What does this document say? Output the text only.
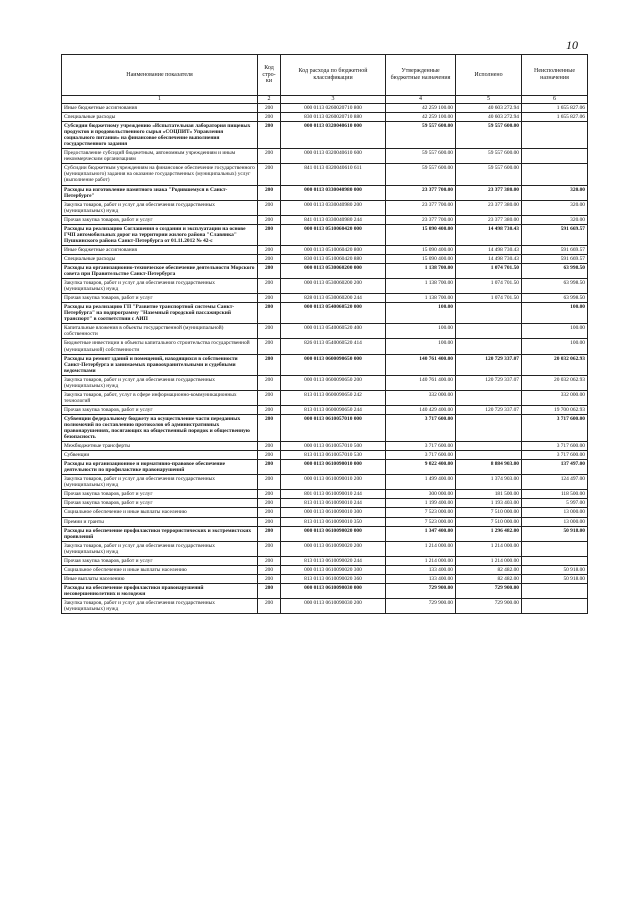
10
Наименование показателя	Код стро-ки	Код расхода по бюджетной классификации	Утвержденные бюджетные назначения	Исполнено	Неисполненные назначения
1	2	3	4	5	6
Иные бюджетные ассигнования	200	000 0113 0260020710 800	42 259 100.00	40 603 272.94	1 655 827.06
Специальные расходы	200	830 0113 0260020710 880	42 259 100.00	40 603 272.94	1 655 827.06
Субсидии бюджетному учреждению «Испытательная лаборатория пищевых продуктов и продовольственного сырья «СОЦПИТ» Управления социального питания» на финансовое обеспечение выполнения государственного задания	200	000 0113 0320040610 000	59 557 600.00	59 557 600.00	
Предоставление субсидий бюджетным, автономным учреждениям и иным некоммерческим организациям	200	000 0113 0320040610 600	59 557 600.00	59 557 600.00	
Субсидии бюджетным учреждениям на финансовое обеспечение государственного (муниципального) задания на оказание государственных (муниципальных) услуг (выполнение работ)	200	841 0113 0320040610 611	59 557 600.00	59 557 600.00	
Расходы на изготовление памятного знака "Родившемуся в Санкт-Петербурге"	200	000 0113 0330040980 000	23 377 700.00	23 377 380.00	320.00
Закупка товаров, работ и услуг для обеспечения государственных (муниципальных) нужд	200	000 0113 0330040980 200	23 377 700.00	23 377 380.00	320.00
Прочая закупка товаров, работ и услуг	200	841 0113 0330040980 244	23 377 700.00	23 377 380.00	320.00
Расходы на реализацию Соглашения о создании и эксплуатации на основе ГЧП автомобильных дорог на территории жилого района "Славянка" Пушкинского района Санкт-Петербурга от 01.11.2012 № 42-с	200	000 0113 0510060420 000	15 090 400.00	14 498 730.43	591 669.57
Иные бюджетные ассигнования	200	000 0113 0510060420 800	15 090 400.00	14 498 730.43	591 669.57
Специальные расходы	200	830 0113 0510060420 880	15 090 400.00	14 498 730.43	591 669.57
Расходы на организационно-техническое обеспечение деятельности Морского совета при Правительстве Санкт-Петербурга	200	000 0113 0530060200 000	1 138 700.00	1 074 701.50	63 998.50
Закупка товаров, работ и услуг для обеспечения государственных (муниципальных) нужд	200	000 0113 0530060200 200	1 138 700.00	1 074 701.50	63 998.50
Прочая закупка товаров, работ и услуг	200	828 0113 0530060200 244	1 138 700.00	1 074 701.50	63 998.50
Расходы на реализацию ГП "Развитие транспортной системы Санкт-Петербурга" на подпрограмму "Наземный городской пассажирский транспорт" в соответствии с АИП	200	000 0113 0540060520 000	100.00		100.00
Капитальные вложения в объекты государственной (муниципальной) собственности	200	000 0113 0540060520 400	100.00		100.00
Бюджетные инвестиции в объекты капитального строительства государственной (муниципальной) собственности	200	826 0113 0540060520 414	100.00		100.00
Расходы на ремонт зданий и помещений, находящихся в собственности Санкт-Петербурга и занимаемых правоохранительными и судебными ведомствами	200	000 0113 0600090650 000	140 761 400.00	120 729 337.07	20 032 062.93
Закупка товаров, работ и услуг для обеспечения государственных (муниципальных) нужд	200	000 0113 0600090650 200	140 761 400.00	120 729 337.07	20 032 062.93
Закупка товаров, работ, услуг в сфере информационно-коммуникационных технологий	200	813 0113 0600090650 242	332 000.00		332 000.00
Прочая закупка товаров, работ и услуг	200	813 0113 0600090650 244	140 429 400.00	120 729 337.07	19 700 062.93
Субвенции федеральному бюджету на осуществление части переданных полномочий по составлению протоколов об административных правонарушениях, посягающих на общественный порядок и общественную безопасность	200	000 0113 0610057010 000	3 717 600.00		3 717 600.00
Межбюджетные трансферты	200	000 0113 0610057010 500	3 717 600.00		3 717 600.00
Субвенции	200	813 0113 0610057010 530	3 717 600.00		3 717 600.00
Расходы на организационное и нормативно-правовое обеспечение деятельности по профилактике правонарушений	200	000 0113 0610090010 000	9 022 400.00	8 884 903.00	137 497.00
Закупка товаров, работ и услуг для обеспечения государственных (муниципальных) нужд	200	000 0113 0610090010 200	1 499 400.00	1 374 903.00	124 497.00
Прочая закупка товаров, работ и услуг	200	801 0113 0610090010 244	300 000.00	181 500.00	118 500.00
Прочая закупка товаров, работ и услуг	200	813 0113 0610090010 244	1 199 400.00	1 193 403.00	5 997.00
Социальное обеспечение и иные выплаты населению	200	000 0113 0610090010 300	7 523 000.00	7 510 000.00	13 000.00
Премии и гранты	200	813 0113 0610090010 350	7 523 000.00	7 510 000.00	13 000.00
Расходы на обеспечение профилактики террористических и экстремистских проявлений	200	000 0113 0610090020 000	1 347 400.00	1 296 482.00	50 918.00
Закупка товаров, работ и услуг для обеспечения государственных (муниципальных) нужд	200	000 0113 0610090020 200	1 214 000.00	1 214 000.00	
Прочая закупка товаров, работ и услуг	200	813 0113 0610090020 244	1 214 000.00	1 214 000.00	
Социальное обеспечение и иные выплаты населению	200	000 0113 0610090020 300	133 400.00	82 482.00	50 918.00
Иные выплаты населению	200	813 0113 0610090020 360	133 400.00	82 482.00	50 918.00
Расходы на обеспечение профилактики правонарушений несовершеннолетних и молодежи	200	000 0113 0610090030 000	729 900.00	729 900.00	
Закупка товаров, работ и услуг для обеспечения государственных (муниципальных) нужд	200	000 0113 0610090030 200	729 900.00	729 900.00	
